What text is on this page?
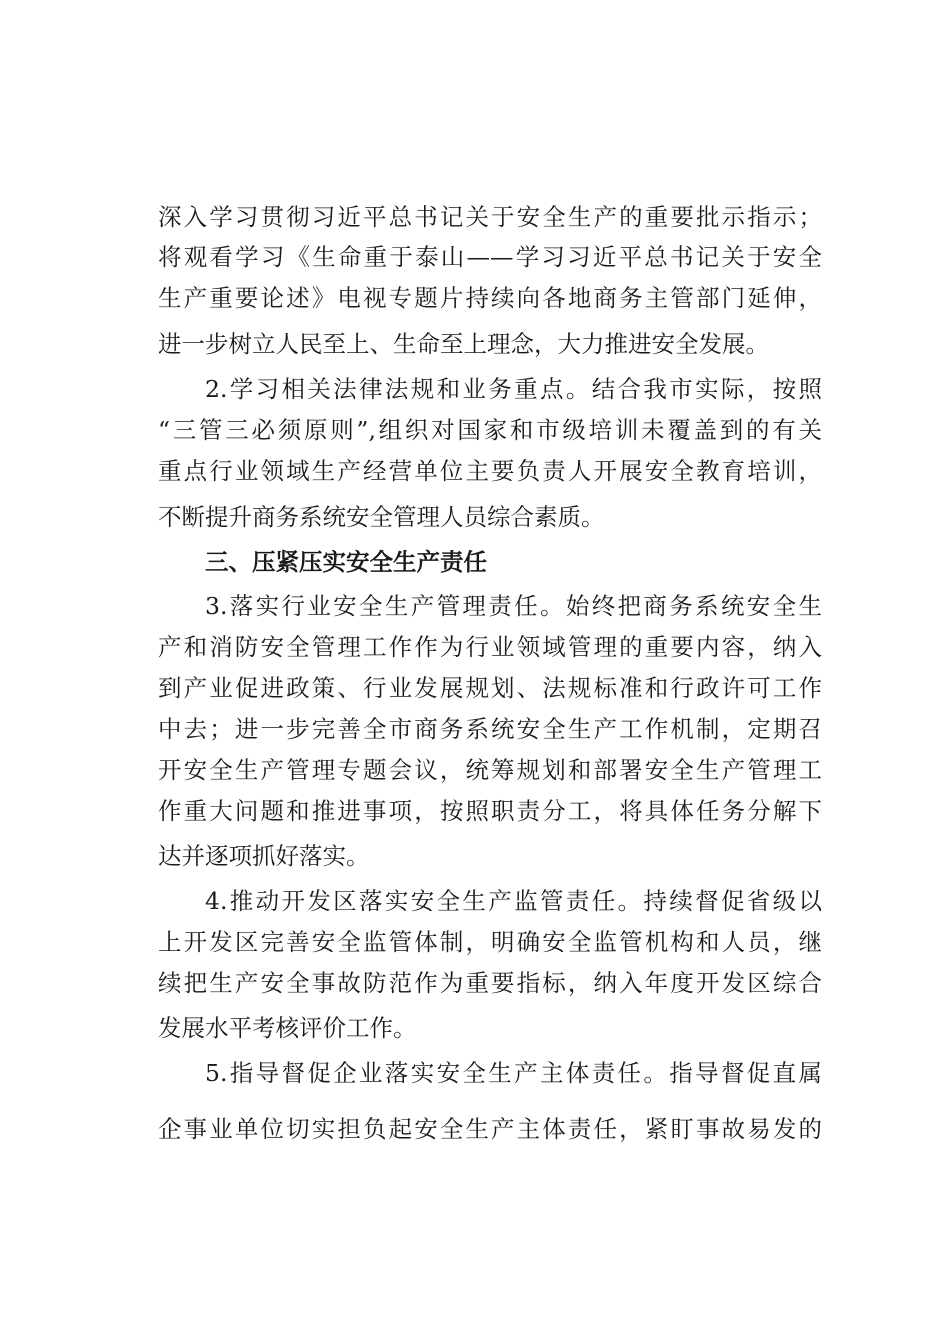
深入学习贯彻习近平总书记关于安全生产的重要批示指示；
将观看学习《生命重于泰山——学习习近平总书记关于安全
生产重要论述》电视专题片持续向各地商务主管部门延伸，
进一步树立人民至上、生命至上理念，大力推进安全发展。
2.学习相关法律法规和业务重点。结合我市实际，按照
“三管三必须原则”,组织对国家和市级培训未覆盖到的有关
重点行业领域生产经营单位主要负责人开展安全教育培训，
不断提升商务系统安全管理人员综合素质。
三、压紧压实安全生产责任
3.落实行业安全生产管理责任。始终把商务系统安全生
产和消防安全管理工作作为行业领域管理的重要内容，纳入
到产业促进政策、行业发展规划、法规标准和行政许可工作
中去；进一步完善全市商务系统安全生产工作机制，定期召
开安全生产管理专题会议，统筹规划和部署安全生产管理工
作重大问题和推进事项，按照职责分工，将具体任务分解下
达并逐项抓好落实。
4.推动开发区落实安全生产监管责任。持续督促省级以
上开发区完善安全监管体制，明确安全监管机构和人员，继
续把生产安全事故防范作为重要指标，纳入年度开发区综合
发展水平考核评价工作。
5.指导督促企业落实安全生产主体责任。指导督促直属
企事业单位切实担负起安全生产主体责任，紧盯事故易发的
